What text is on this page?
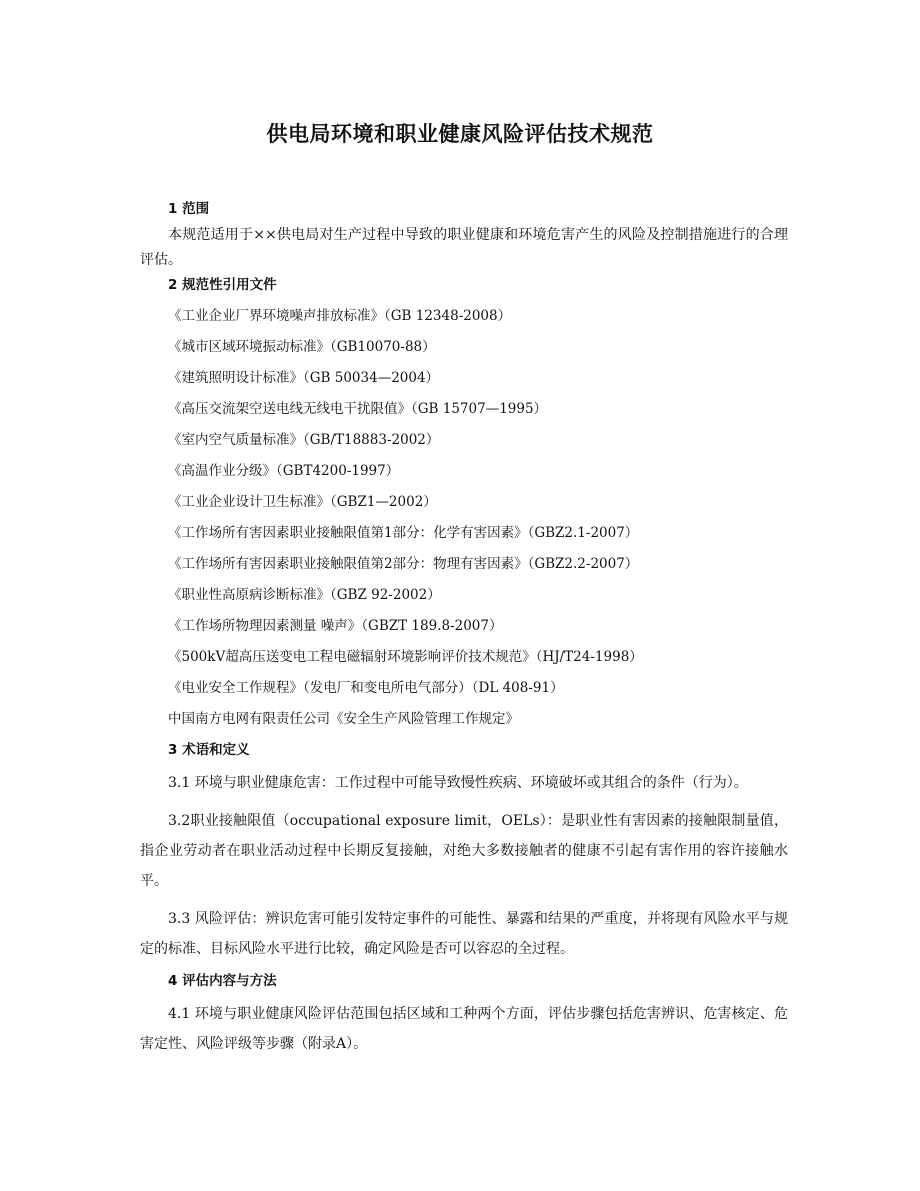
供电局环境和职业健康风险评估技术规范
1 范围

本规范适用于××供电局对生产过程中导致的职业健康和环境危害产生的风险及控制措施进行的合理评估。

2 规范性引用文件
《工业企业厂界环境噪声排放标准》（GB 12348-2008）
《城市区域环境振动标准》（GB10070-88）
《建筑照明设计标准》（GB 50034—2004）
《高压交流架空送电线无线电干扰限值》（GB 15707—1995）
《室内空气质量标准》（GB/T18883-2002）
《高温作业分级》（GBT4200-1997）
《工业企业设计卫生标准》（GBZ1—2002）
《工作场所有害因素职业接触限值第1部分：化学有害因素》（GBZ2.1-2007）
《工作场所有害因素职业接触限值第2部分：物理有害因素》（GBZ2.2-2007）
《职业性高原病诊断标准》（GBZ 92-2002）
《工作场所物理因素测量 噪声》（GBZT 189.8-2007）
《500kV超高压送变电工程电磁辐射环境影响评价技术规范》（HJ/T24-1998）
《电业安全工作规程》（发电厂和变电所电气部分）（DL 408-91）
中国南方电网有限责任公司《安全生产风险管理工作规定》
3 术语和定义

3.1 环境与职业健康危害：工作过程中可能导致慢性疾病、环境破坏或其组合的条件（行为）。

3.2职业接触限值（occupational exposure limit，OELs）：是职业性有害因素的接触限制量值，指企业劳动者在职业活动过程中长期反复接触，对绝大多数接触者的健康不引起有害作用的容许接触水平。

3.3 风险评估：辨识危害可能引发特定事件的可能性、暴露和结果的严重度，并将现有风险水平与规定的标准、目标风险水平进行比较，确定风险是否可以容忍的全过程。

4 评估内容与方法

4.1 环境与职业健康风险评估范围包括区域和工种两个方面，评估步骤包括危害辨识、危害核定、危害定性、风险评级等步骤（附录A）。
